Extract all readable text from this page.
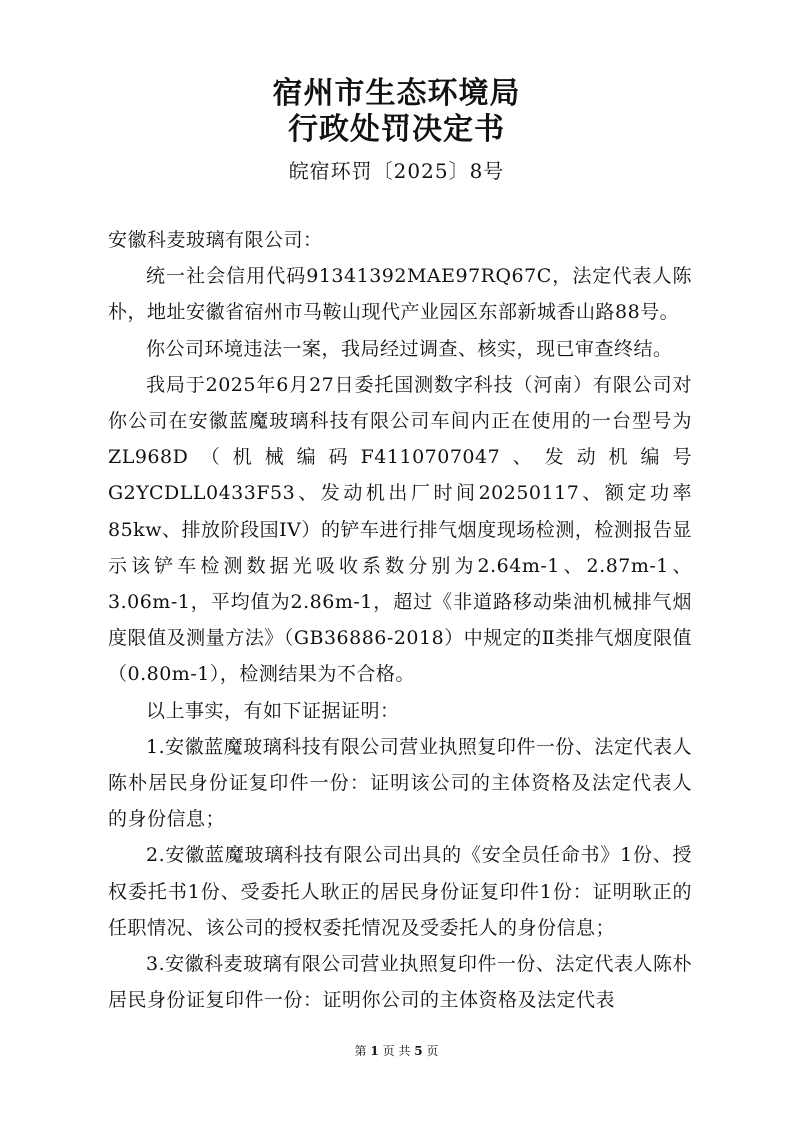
宿州市生态环境局
行政处罚决定书
皖宿环罚〔2025〕8号

安徽科麦玻璃有限公司：

统一社会信用代码91341392MAE97RQ67C，法定代表人陈朴，地址安徽省宿州市马鞍山现代产业园区东部新城香山路88号。

你公司环境违法一案，我局经过调查、核实，现已审查终结。

我局于2025年6月27日委托国测数字科技（河南）有限公司对你公司在安徽蓝魔玻璃科技有限公司车间内正在使用的一台型号为ZL968D（机械编码F4110707047、发动机编号G2YCDLL0433F53、发动机出厂时间20250117、额定功率85kw、排放阶段国IV）的铲车进行排气烟度现场检测，检测报告显示该铲车检测数据光吸收系数分别为2.64m-1、2.87m-1、3.06m-1，平均值为2.86m-1，超过《非道路移动柴油机械排气烟度限值及测量方法》（GB36886-2018）中规定的Ⅱ类排气烟度限值（0.80m-1），检测结果为不合格。

以上事实，有如下证据证明：

1.安徽蓝魔玻璃科技有限公司营业执照复印件一份、法定代表人陈朴居民身份证复印件一份：证明该公司的主体资格及法定代表人的身份信息；

2.安徽蓝魔玻璃科技有限公司出具的《安全员任命书》1份、授权委托书1份、受委托人耿正的居民身份证复印件1份：证明耿正的任职情况、该公司的授权委托情况及受委托人的身份信息；

3.安徽科麦玻璃有限公司营业执照复印件一份、法定代表人陈朴居民身份证复印件一份：证明你公司的主体资格及法定代表

第 1 页 共 5 页
